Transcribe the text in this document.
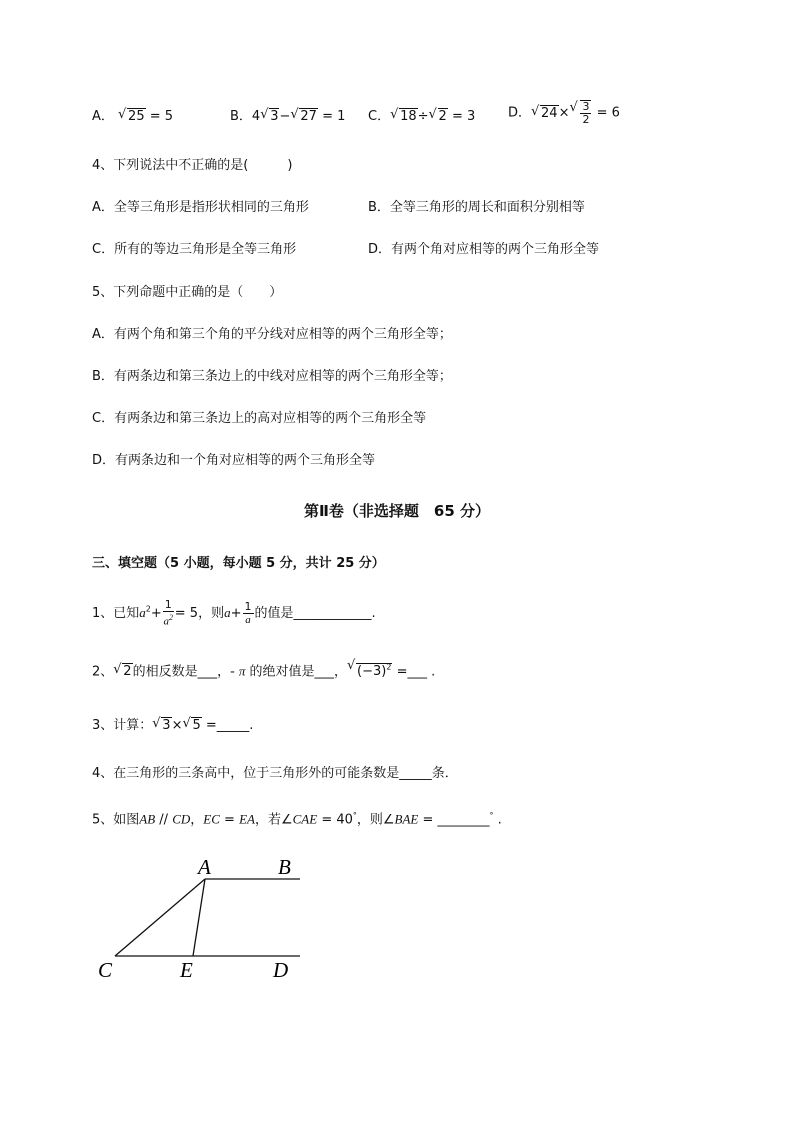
A． √ 25 = 5	B．4 √ 3− √ 27 = 1 C． √ 18÷ √ 2 = 3	D． √ 24× √ $\frac{3}{2} = 6$
4、下列说法中不正确的是(　　　)
A．全等三角形是指形状相同的三角形	B．全等三角形的周长和面积分别相等
C．所有的等边三角形是全等三角形	D．有两个角对应相等的两个三角形全等
5、下列命题中正确的是（　　）
A．有两个角和第三个角的平分线对应相等的两个三角形全等；
B．有两条边和第三条边上的中线对应相等的两个三角形全等；
C．有两条边和第三条边上的高对应相等的两个三角形全等
D．有两条边和一个角对应相等的两个三角形全等
第Ⅱ卷（非选择题　65 分）
三、填空题（5 小题，每小题 5 分，共计 25 分）
1、已知$a^2+ \frac{1}{a^2} = 5$，则$a+ \frac{1}{a}$ 的值是____________.
2、 √ 2的相反数是___，- π 的绝对值是___， √ $(-3)^2$ =___ .
3、计算： √ 3× √ 5 =_____.
4、在三角形的三条高中，位于三角形外的可能条数是_____条．
5、如图AB // CD，EC = EA，若∠CAE = 40°，则∠BAE = ________° .
A	B
C	E	D
